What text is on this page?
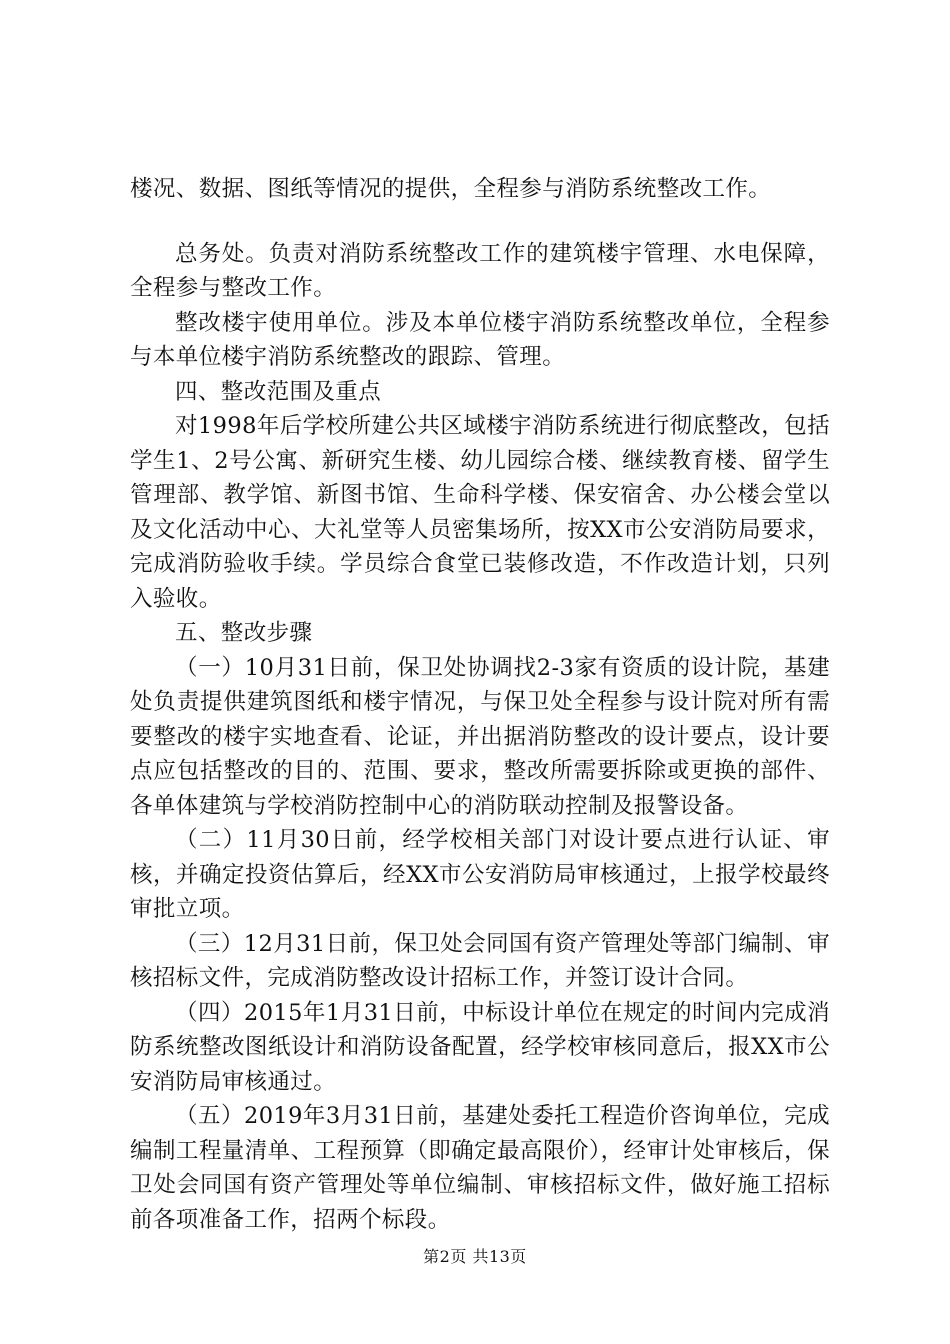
楼况、数据、图纸等情况的提供，全程参与消防系统整改工作。

总务处。负责对消防系统整改工作的建筑楼宇管理、水电保障，全程参与整改工作。

整改楼宇使用单位。涉及本单位楼宇消防系统整改单位，全程参与本单位楼宇消防系统整改的跟踪、管理。

四、整改范围及重点

对1998年后学校所建公共区域楼宇消防系统进行彻底整改，包括学生1、2号公寓、新研究生楼、幼儿园综合楼、继续教育楼、留学生管理部、教学馆、新图书馆、生命科学楼、保安宿舍、办公楼会堂以及文化活动中心、大礼堂等人员密集场所，按XX市公安消防局要求，完成消防验收手续。学员综合食堂已装修改造，不作改造计划，只列入验收。

五、整改步骤

（一）10月31日前，保卫处协调找2-3家有资质的设计院，基建处负责提供建筑图纸和楼宇情况，与保卫处全程参与设计院对所有需要整改的楼宇实地查看、论证，并出据消防整改的设计要点，设计要点应包括整改的目的、范围、要求，整改所需要拆除或更换的部件、各单体建筑与学校消防控制中心的消防联动控制及报警设备。

（二）11月30日前，经学校相关部门对设计要点进行认证、审核，并确定投资估算后，经XX市公安消防局审核通过，上报学校最终审批立项。

（三）12月31日前，保卫处会同国有资产管理处等部门编制、审核招标文件，完成消防整改设计招标工作，并签订设计合同。

（四）2015年1月31日前，中标设计单位在规定的时间内完成消防系统整改图纸设计和消防设备配置，经学校审核同意后，报XX市公安消防局审核通过。

（五）2019年3月31日前，基建处委托工程造价咨询单位，完成编制工程量清单、工程预算（即确定最高限价），经审计处审核后，保卫处会同国有资产管理处等单位编制、审核招标文件，做好施工招标前各项准备工作，招两个标段。

第2页 共13页
